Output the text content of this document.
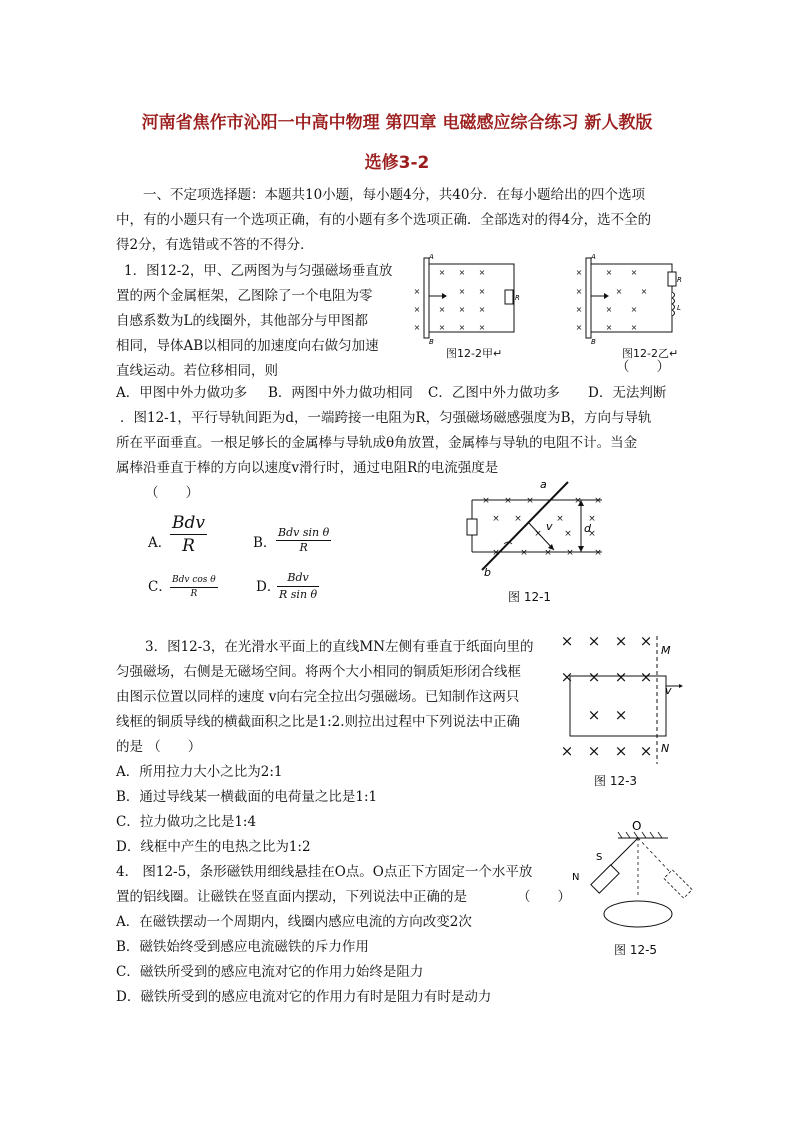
河南省焦作市沁阳一中高中物理 第四章 电磁感应综合练习 新人教版
选修3-2
一、不定项选择题：本题共10小题，每小题4分，共40分．在每小题给出的四个选项
中，有的小题只有一个选项正确，有的小题有多个选项正确．全部选对的得4分，选不全的
得2分，有选错或不答的不得分．
1．图12-2，甲、乙两图为与匀强磁场垂直放
置的两个金属框架，乙图除了一个电阻为零
自感系数为L的线圈外，其他部分与甲图都
相同，导体AB以相同的加速度向右做匀加速
直线运动。若位移相同，则	（　　）
A．甲图中外力做功多 B．两图中外力做功相同 C．乙图中外力做功多 D．无法判断
× × ×
×	× ×
× × ×
×
× × × ×
A
B
R
图12-2甲↵
×	× ×
×	× ×
×	× ×
×	× ×
A
B
R
L
图12-2乙↵
．图12-1，平行导轨间距为d，一端跨接一电阻为R，匀强磁场磁感强度为B，方向与导轨
所在平面垂直。一根足够长的金属棒与导轨成θ角放置，金属棒与导轨的电阻不计。当金
属棒沿垂直于棒的方向以速度v滑行时，通过电阻R的电流强度是
（　　）
A．
Bdv
R	B．
Bdv sin θ
R
C． Bdv cos θ
R	D．
Bdv
R sin θ
× × ×	× ×
× ×	×	×
× × ×
× × × × ×
a
b
v	d
图 12-1
3．图12-3，在光滑水平面上的直线MN左侧有垂直于纸面向里的
匀强磁场，右侧是无磁场空间。将两个大小相同的铜质矩形闭合线框
由图示位置以同样的速度 v向右完全拉出匀强磁场。已知制作这两只
线框的铜质导线的横截面积之比是1:2.则拉出过程中下列说法中正确
的是 （　　）
A．所用拉力大小之比为2:1
B．通过导线某一横截面的电荷量之比是1:1
C．拉力做功之比是1:4
D．线框中产生的电热之比为1:2
× × × ×
× × × ×
× ×
× × × ×
M
N
v
图 12-3
4． 图12-5，条形磁铁用细线悬挂在O点。O点正下方固定一个水平放
置的铝线圈。让磁铁在竖直面内摆动，下列说法中正确的是	（　　）
A．在磁铁摆动一个周期内，线圈内感应电流的方向改变2次
B．磁铁始终受到感应电流磁铁的斥力作用
C．磁铁所受到的感应电流对它的作用力始终是阻力
D．磁铁所受到的感应电流对它的作用力有时是阻力有时是动力
O
S
N
图 12-5
